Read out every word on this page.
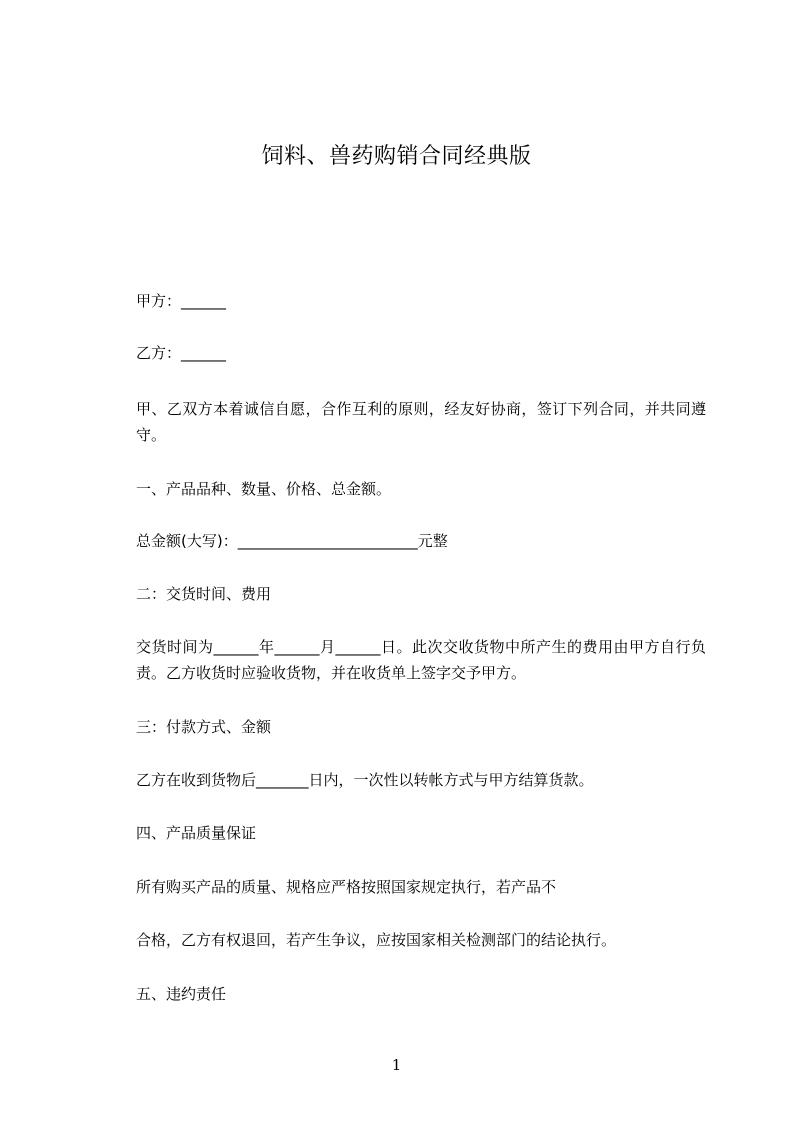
饲料、兽药购销合同经典版
甲方：______
乙方：______
甲、乙双方本着诚信自愿，合作互利的原则，经友好协商，签订下列合同，并共同遵守。
一、产品品种、数量、价格、总金额。
总金额(大写)：________________________元整
二：交货时间、费用
交货时间为______年______月______日。此次交收货物中所产生的费用由甲方自行负责。乙方收货时应验收货物，并在收货单上签字交予甲方。
三：付款方式、金额
乙方在收到货物后_______日内，一次性以转帐方式与甲方结算货款。
四、产品质量保证
所有购买产品的质量、规格应严格按照国家规定执行，若产品不
合格，乙方有权退回，若产生争议，应按国家相关检测部门的结论执行。
五、违约责任
1
